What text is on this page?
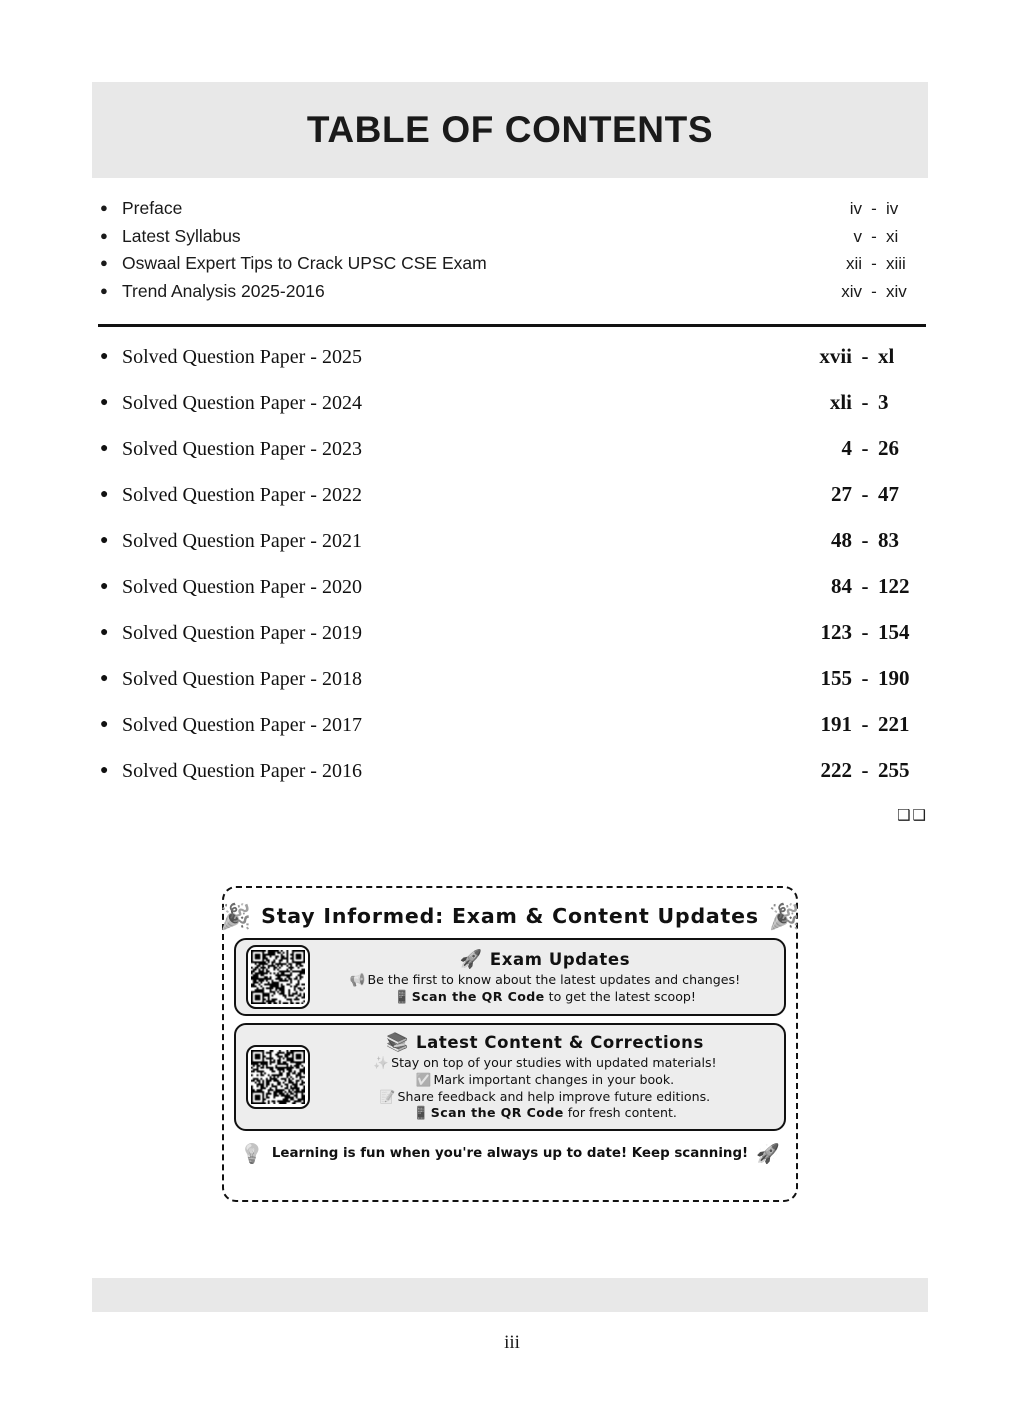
TABLE OF CONTENTS
● Preface	iv - iv
● Latest Syllabus	v - xi
● Oswaal Expert Tips to Crack UPSC CSE Exam	xii - xiii
● Trend Analysis 2025-2016	xiv - xiv
● Solved Question Paper - 2025	xvii - xl
● Solved Question Paper - 2024	xli - 3
● Solved Question Paper - 2023	4 - 26
● Solved Question Paper - 2022	27 - 47
● Solved Question Paper - 2021	48 - 83
● Solved Question Paper - 2020	84 - 122
● Solved Question Paper - 2019	123 - 154
● Solved Question Paper - 2018	155 - 190
● Solved Question Paper - 2017	191 - 221
● Solved Question Paper - 2016	222 - 255
❑❑
🎉 Stay Informed: Exam & Content Updates 🎉
🚀 Exam Updates
📢 Be the first to know about the latest updates and changes!
📱 Scan the QR Code to get the latest scoop!
📚 Latest Content & Corrections
✨ Stay on top of your studies with updated materials!
✅ Mark important changes in your book.
📝 Share feedback and help improve future editions.
📱 Scan the QR Code for fresh content.
💡 Learning is fun when you're always up to date! Keep scanning! 🚀
iii
